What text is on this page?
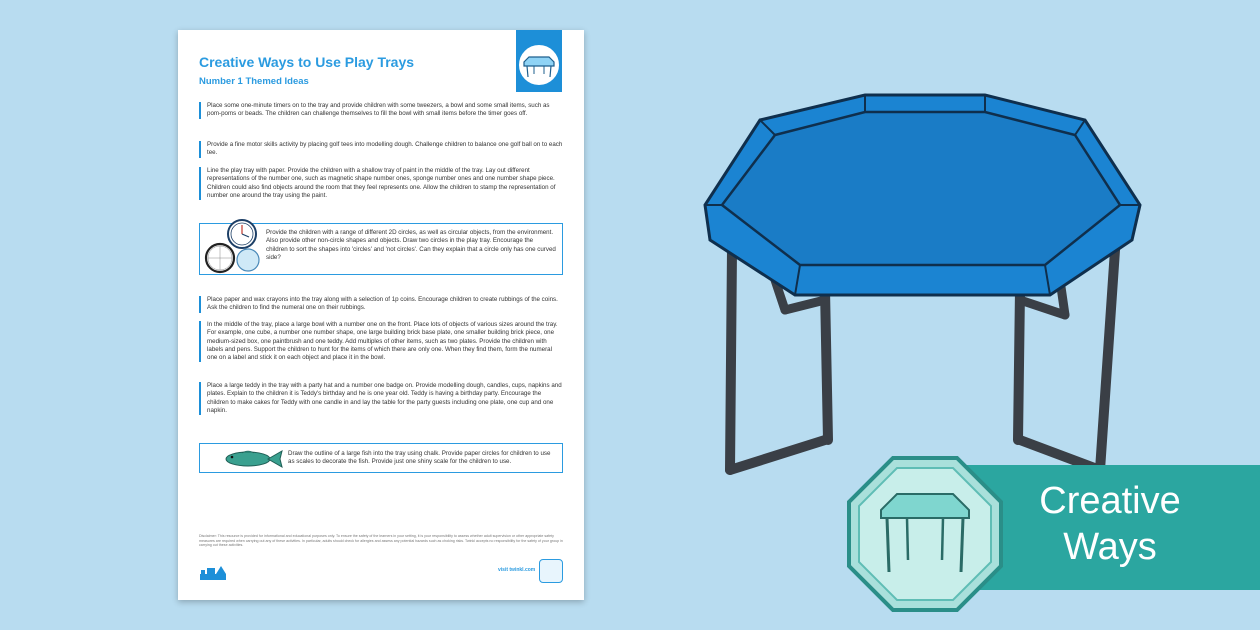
Creative Ways to Use Play Trays
Number 1 Themed Ideas
Place some one-minute timers on to the tray and provide children with some tweezers, a bowl and some small items, such as pom-poms or beads. The children can challenge themselves to fill the bowl with small items before the timer goes off.
Provide a fine motor skills activity by placing golf tees into modelling dough. Challenge children to balance one golf ball on to each tee.
Line the play tray with paper. Provide the children with a shallow tray of paint in the middle of the tray. Lay out different representations of the number one, such as magnetic shape number ones, sponge number ones and one number shape piece. Children could also find objects around the room that they feel represents one. Allow the children to stamp the representation of number one around the tray using the paint.
Provide the children with a range of different 2D circles, as well as circular objects, from the environment. Also provide other non-circle shapes and objects. Draw two circles in the play tray. Encourage the children to sort the shapes into 'circles' and 'not circles'. Can they explain that a circle only has one curved side?
Place paper and wax crayons into the tray along with a selection of 1p coins. Encourage children to create rubbings of the coins. Ask the children to find the numeral one on their rubbings.
In the middle of the tray, place a large bowl with a number one on the front. Place lots of objects of various sizes around the tray. For example, one cube, a number one number shape, one large building brick base plate, one smaller building brick piece, one medium-sized box, one paintbrush and one teddy. Add multiples of other items, such as two plates. Provide the children with labels and pens. Support the children to hunt for the items of which there are only one. When they find them, form the numeral one on a label and stick it on each object and place it in the bowl.
Place a large teddy in the tray with a party hat and a number one badge on. Provide modelling dough, candles, cups, napkins and plates. Explain to the children it is Teddy's birthday and he is one year old. Teddy is having a birthday party. Encourage the children to make cakes for Teddy with one candle in and lay the table for the party guests including one plate, one cup and one napkin.
Draw the outline of a large fish into the tray using chalk. Provide paper circles for children to use as scales to decorate the fish. Provide just one shiny scale for the children to use.
Disclaimer: This resource is provided for informational and educational purposes only. To ensure the safety of the learners in your setting, it is your responsibility to assess whether adult supervision or other appropriate safety measures are required when carrying out any of these activities. In particular, adults should check for allergies and assess any potential hazards such as choking risks. Twinkl accepts no responsibility for the safety of your group in carrying out these activities.
visit twinkl.com
Creative
Ways
